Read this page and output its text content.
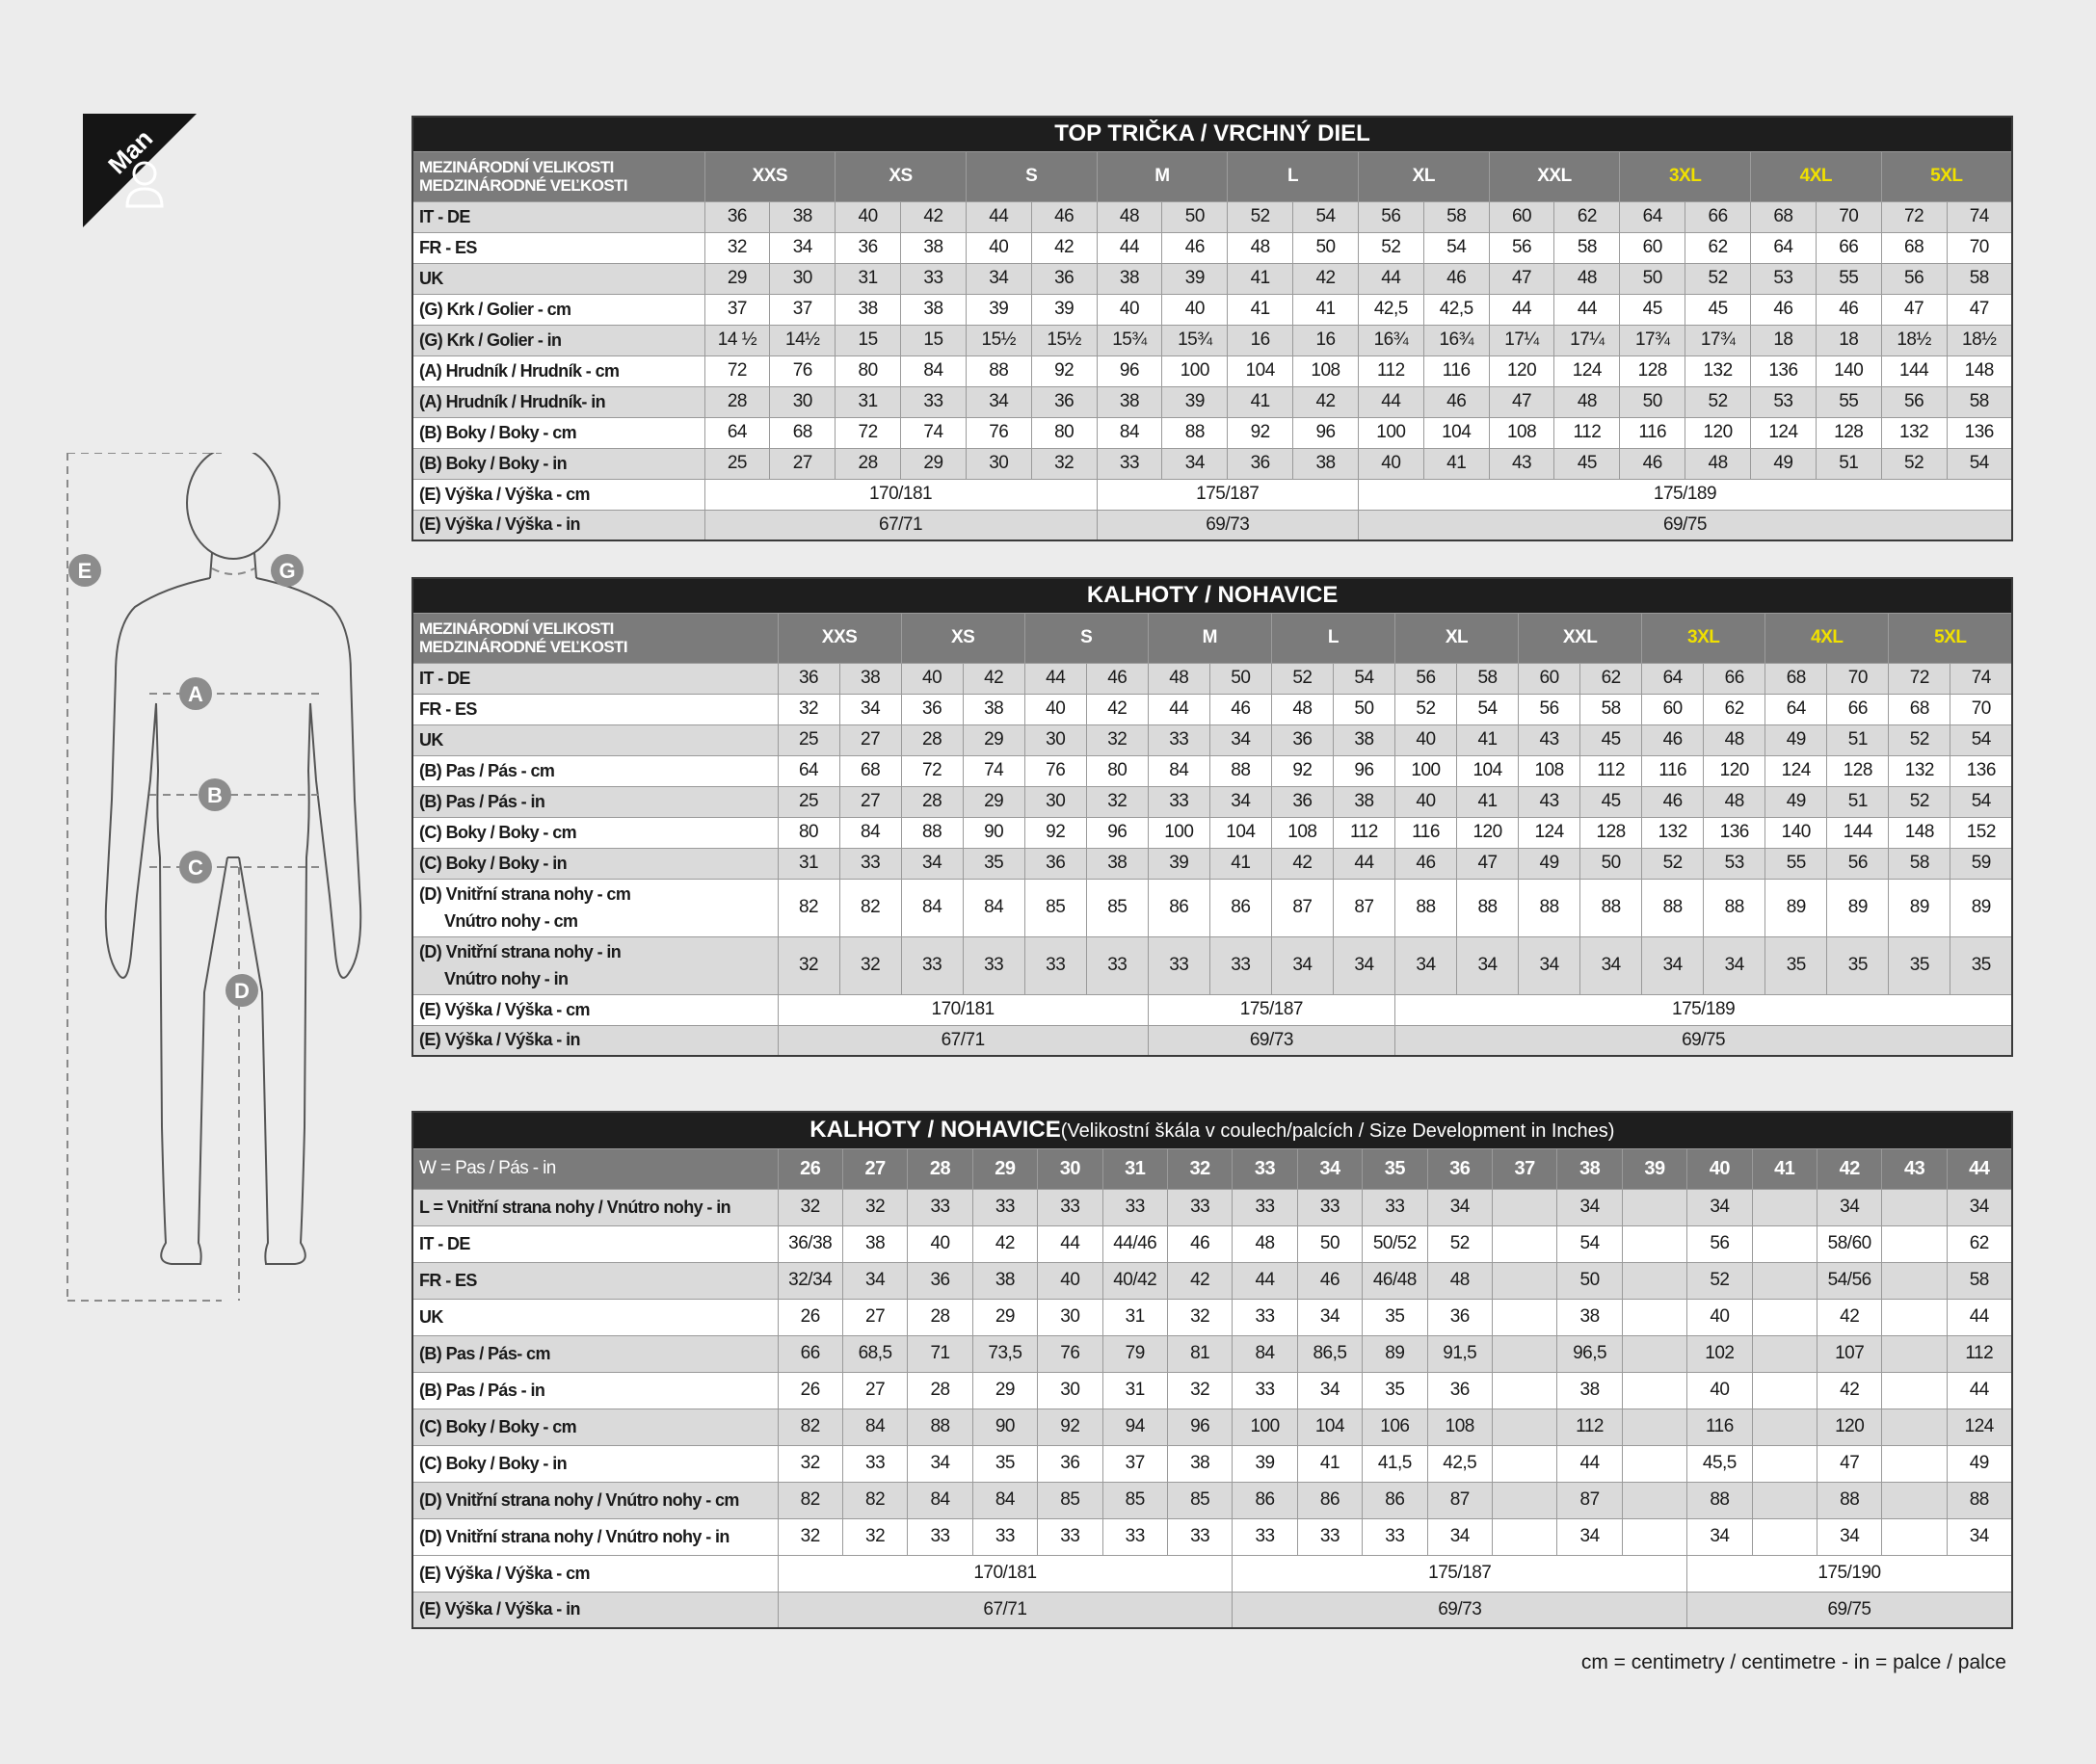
Man
E	G
A
B
C
D
TOP TRIČKA / VRCHNÝ DIEL																				

MEZINÁRODNÍ VELIKOSTI
MEDZINÁRODNÉ VEĽKOSTI	XXS		XS		S		M		L		XL		XXL		3XL		4XL		5XL	
IT - DE	36	38	40	42	44	46	48	50	52	54	56	58	60	62	64	66	68	70	72	74
FR - ES	32	34	36	38	40	42	44	46	48	50	52	54	56	58	60	62	64	66	68	70
UK	29	30	31	33	34	36	38	39	41	42	44	46	47	48	50	52	53	55	56	58
(G) Krk / Golier - cm	37	37	38	38	39	39	40	40	41	41	42,5	42,5	44	44	45	45	46	46	47	47
(G) Krk / Golier - in	14 ½	14½	15	15	15½	15½	15¾	15¾	16	16	16¾	16¾	17¼	17¼	17¾	17¾	18	18	18½	18½
(A) Hrudník / Hrudník - cm	72	76	80	84	88	92	96	100	104	108	112	116	120	124	128	132	136	140	144	148
(A) Hrudník / Hrudník- in	28	30	31	33	34	36	38	39	41	42	44	46	47	48	50	52	53	55	56	58
(B) Boky / Boky - cm	64	68	72	74	76	80	84	88	92	96	100	104	108	112	116	120	124	128	132	136
(B) Boky / Boky - in	25	27	28	29	30	32	33	34	36	38	40	41	43	45	46	48	49	51	52	54
(E) Výška / Výška - cm	170/181						175/187				175/189									
(E) Výška / Výška - in	67/71						69/73				69/75									
KALHOTY / NOHAVICE																				

MEZINÁRODNÍ VELIKOSTI
MEDZINÁRODNÉ VEĽKOSTI	XXS		XS		S		M		L		XL		XXL		3XL		4XL		5XL	
IT - DE	36	38	40	42	44	46	48	50	52	54	56	58	60	62	64	66	68	70	72	74
FR - ES	32	34	36	38	40	42	44	46	48	50	52	54	56	58	60	62	64	66	68	70
UK	25	27	28	29	30	32	33	34	36	38	40	41	43	45	46	48	49	51	52	54
(B) Pas / Pás - cm	64	68	72	74	76	80	84	88	92	96	100	104	108	112	116	120	124	128	132	136
(B) Pas / Pás - in	25	27	28	29	30	32	33	34	36	38	40	41	43	45	46	48	49	51	52	54
(C) Boky / Boky - cm	80	84	88	90	92	96	100	104	108	112	116	120	124	128	132	136	140	144	148	152
(C) Boky / Boky - in	31	33	34	35	36	38	39	41	42	44	46	47	49	50	52	53	55	56	58	59

(D) Vnitřní strana nohy - cm
Vnútro nohy - cm	82	82	84	84	85	85	86	86	87	87	88	88	88	88	88	88	89	89	89	89

(D) Vnitřní strana nohy - in
Vnútro nohy - in	32	32	33	33	33	33	33	33	34	34	34	34	34	34	34	34	35	35	35	35
(E) Výška / Výška - cm	170/181						175/187				175/189									
(E) Výška / Výška - in	67/71						69/73				69/75									
KALHOTY / NOHAVICE(Velikostní škála v coulech/palcích / Size Development in Inches)																			
W = Pas / Pás - in	26	27	28	29	30	31	32	33	34	35	36	37	38	39	40	41	42	43	44
L = Vnitřní strana nohy / Vnútro nohy - in	32	32	33	33	33	33	33	33	33	33	34		34		34		34		34
IT - DE	36/38	38	40	42	44	44/46	46	48	50	50/52	52		54		56		58/60		62
FR - ES	32/34	34	36	38	40	40/42	42	44	46	46/48	48		50		52		54/56		58
UK	26	27	28	29	30	31	32	33	34	35	36		38		40		42		44
(B) Pas / Pás- cm	66	68,5	71	73,5	76	79	81	84	86,5	89	91,5		96,5		102		107		112
(B) Pas / Pás - in	26	27	28	29	30	31	32	33	34	35	36		38		40		42		44
(C) Boky / Boky - cm	82	84	88	90	92	94	96	100	104	106	108		112		116		120		124
(C) Boky / Boky - in	32	33	34	35	36	37	38	39	41	41,5	42,5		44		45,5		47		49
(D) Vnitřní strana nohy / Vnútro nohy - cm	82	82	84	84	85	85	85	86	86	86	87		87		88		88		88
(D) Vnitřní strana nohy / Vnútro nohy - in	32	32	33	33	33	33	33	33	33	33	34		34		34		34		34
(E) Výška / Výška - cm	170/181							175/187							175/190				
(E) Výška / Výška - in	67/71							69/73							69/75				
cm = centimetry / centimetre - in = palce / palce
